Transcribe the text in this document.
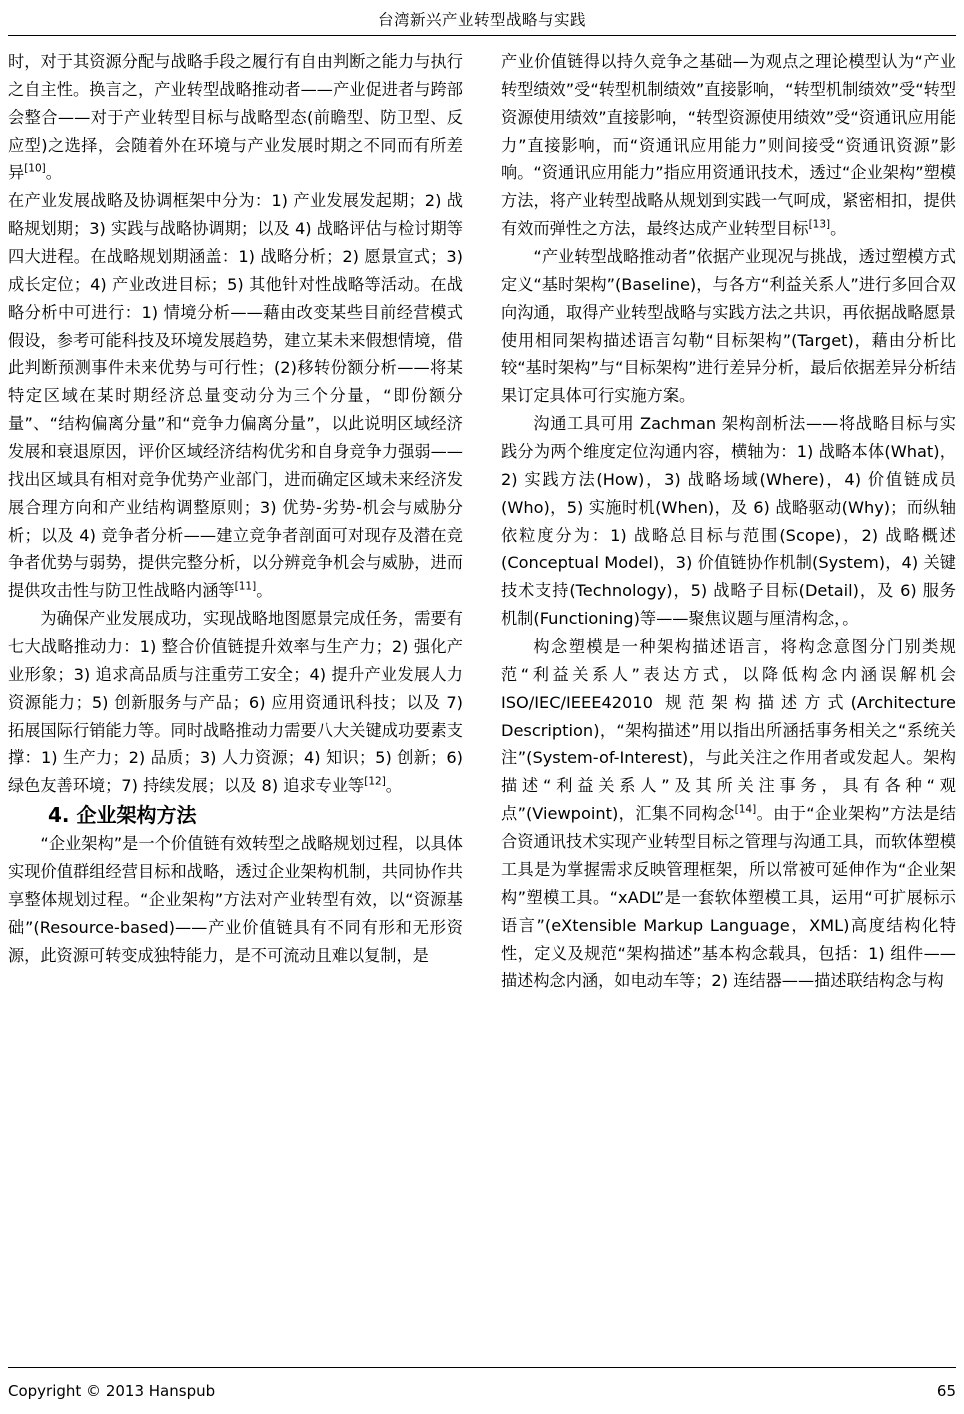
台湾新兴产业转型战略与实践

时，对于其资源分配与战略手段之履行有自由判断之能力与执行之自主性。换言之，产业转型战略推动者——产业促进者与跨部会整合——对于产业转型目标与战略型态(前瞻型、防卫型、反应型)之选择，会随着外在环境与产业发展时期之不同而有所差异[10]。

在产业发展战略及协调框架中分为：1) 产业发展发起期；2) 战略规划期；3) 实践与战略协调期；以及 4) 战略评估与检讨期等四大进程。在战略规划期涵盖：1) 战略分析；2) 愿景宣式；3) 成长定位；4) 产业改进目标；5) 其他针对性战略等活动。在战略分析中可进行：1) 情境分析——藉由改变某些目前经营模式假设，参考可能科技及环境发展趋势，建立某未来假想情境，借此判断预测事件未来优势与可行性；(2)移转份额分析——将某特定区域在某时期经济总量变动分为三个分量，“即份额分量”、“结构偏离分量”和“竞争力偏离分量”，以此说明区域经济发展和衰退原因，评价区域经济结构优劣和自身竞争力强弱——找出区域具有相对竞争优势产业部门，进而确定区域未来经济发展合理方向和产业结构调整原则；3) 优势‑劣势‑机会与威胁分析；以及 4) 竞争者分析——建立竞争者剖面可对现存及潜在竞争者优势与弱势，提供完整分析，以分辨竞争机会与威胁，进而提供攻击性与防卫性战略内涵等[11]。

为确保产业发展成功，实现战略地图愿景完成任务，需要有七大战略推动力：1) 整合价值链提升效率与生产力；2) 强化产业形象；3) 追求高品质与注重劳工安全；4) 提升产业发展人力资源能力；5) 创新服务与产品；6) 应用资通讯科技；以及 7) 拓展国际行销能力等。同时战略推动力需要八大关键成功要素支撑：1) 生产力；2) 品质；3) 人力资源；4) 知识；5) 创新；6) 绿色友善环境；7) 持续发展；以及 8) 追求专业等[12]。

4. 企业架构方法

“企业架构”是一个价值链有效转型之战略规划过程，以具体实现价值群组经营目标和战略，透过企业架构机制，共同协作共享整体规划过程。“企业架构”方法对产业转型有效，以“资源基础”(Resource-based)——产业价值链具有不同有形和无形资源，此资源可转变成独特能力，是不可流动且难以复制，是

产业价值链得以持久竞争之基础—为观点之理论模型认为“产业转型绩效”受“转型机制绩效”直接影响，“转型机制绩效”受“转型资源使用绩效”直接影响，“转型资源使用绩效”受“资通讯应用能力”直接影响，而“资通讯应用能力”则间接受“资通讯资源”影响。“资通讯应用能力”指应用资通讯技术，透过“企业架构”塑模方法，将产业转型战略从规划到实践一气呵成，紧密相扣，提供有效而弹性之方法，最终达成产业转型目标[13]。

“产业转型战略推动者”依据产业现况与挑战，透过塑模方式定义“基时架构”(Baseline)，与各方“利益关系人”进行多回合双向沟通，取得产业转型战略与实践方法之共识，再依据战略愿景使用相同架构描述语言勾勒“目标架构”(Target)，藉由分析比较“基时架构”与“目标架构”进行差异分析，最后依据差异分析结果订定具体可行实施方案。

沟通工具可用 Zachman 架构剖析法——将战略目标与实践分为两个维度定位沟通内容，横轴为：1) 战略本体(What)，2) 实践方法(How)，3) 战略场域(Where)，4) 价值链成员(Who)，5) 实施时机(When)，及 6) 战略驱动(Why)；而纵轴依粒度分为：1) 战略总目标与范围(Scope)，2) 战略概述(Conceptual Model)，3) 价值链协作机制(System)，4) 关键技术支持(Technology)，5) 战略子目标(Detail)，及 6) 服务机制(Functioning)等——聚焦议题与厘清构念，。

构念塑模是一种架构描述语言，将构念意图分门别类规范“利益关系人”表达方式，以降低构念内涵误解机会 ISO/IEC/IEEE42010 规范架构描述方式(Architecture Description)，“架构描述”用以指出所涵括事务相关之“系统关注”(System-of-Interest)，与此关注之作用者或发起人。架构描述“利益关系人”及其所关注事务，具有各种“观点”(Viewpoint)，汇集不同构念[14]。由于“企业架构”方法是结合资通讯技术实现产业转型目标之管理与沟通工具，而软体塑模工具是为掌握需求反映管理框架，所以常被可延伸作为“企业架构”塑模工具。“xADL”是一套软体塑模工具，运用“可扩展标示语言”(eXtensible Markup Language，XML)高度结构化特性，定义及规范“架构描述”基本构念载具，包括：1) 组件——描述构念内涵，如电动车等；2) 连结器——描述联结构念与构

Copyright © 2013 Hanspub	65
